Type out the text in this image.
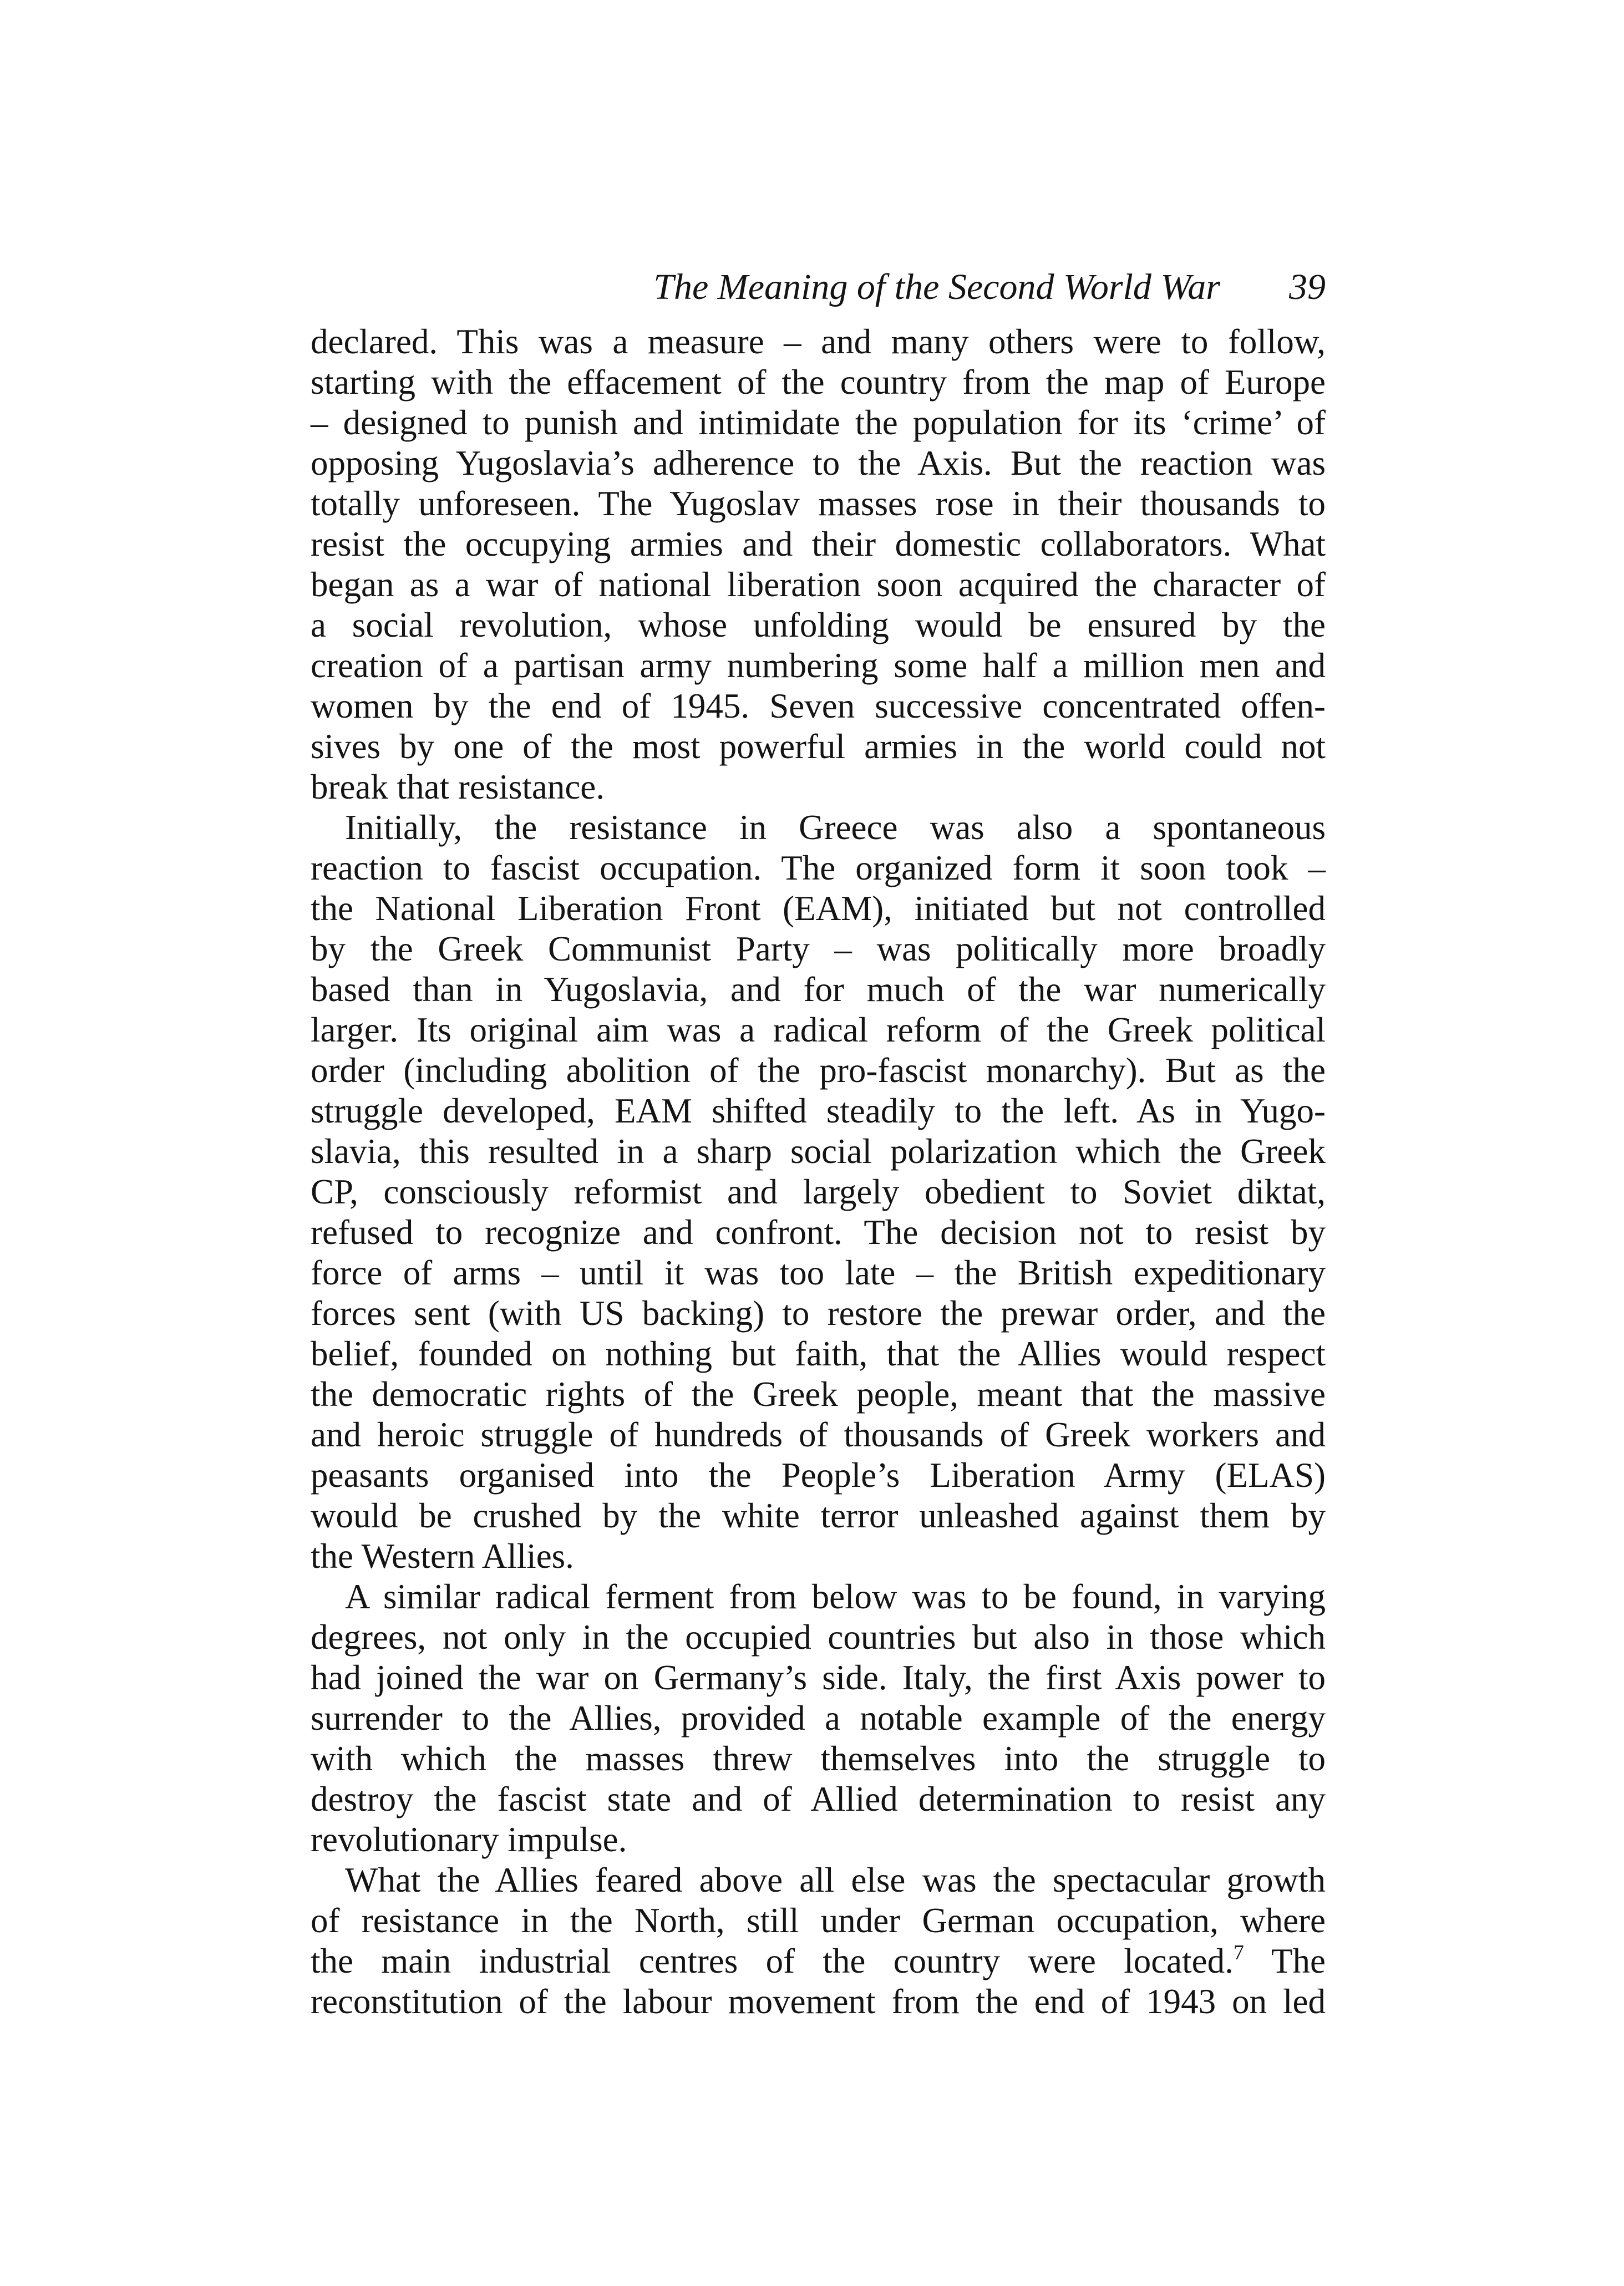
The Meaning of the Second World War 39
declared. This was a measure – and many others were to follow,
starting with the effacement of the country from the map of Europe
– designed to punish and intimidate the population for its ‘crime’ of
opposing Yugoslavia’s adherence to the Axis. But the reaction was
totally unforeseen. The Yugoslav masses rose in their thousands to
resist the occupying armies and their domestic collaborators. What
began as a war of national liberation soon acquired the character of
a social revolution, whose unfolding would be ensured by the
creation of a partisan army numbering some half a million men and
women by the end of 1945. Seven successive concentrated offen-
sives by one of the most powerful armies in the world could not
break that resistance.
Initially, the resistance in Greece was also a spontaneous
reaction to fascist occupation. The organized form it soon took –
the National Liberation Front (EAM), initiated but not controlled
by the Greek Communist Party – was politically more broadly
based than in Yugoslavia, and for much of the war numerically
larger. Its original aim was a radical reform of the Greek political
order (including abolition of the pro-fascist monarchy). But as the
struggle developed, EAM shifted steadily to the left. As in Yugo-
slavia, this resulted in a sharp social polarization which the Greek
CP, consciously reformist and largely obedient to Soviet diktat,
refused to recognize and confront. The decision not to resist by
force of arms – until it was too late – the British expeditionary
forces sent (with US backing) to restore the prewar order, and the
belief, founded on nothing but faith, that the Allies would respect
the democratic rights of the Greek people, meant that the massive
and heroic struggle of hundreds of thousands of Greek workers and
peasants organised into the People’s Liberation Army (ELAS)
would be crushed by the white terror unleashed against them by
the Western Allies.
A similar radical ferment from below was to be found, in varying
degrees, not only in the occupied countries but also in those which
had joined the war on Germany’s side. Italy, the first Axis power to
surrender to the Allies, provided a notable example of the energy
with which the masses threw themselves into the struggle to
destroy the fascist state and of Allied determination to resist any
revolutionary impulse.
What the Allies feared above all else was the spectacular growth
of resistance in the North, still under German occupation, where
the main industrial centres of the country were located.$^7$ The
reconstitution of the labour movement from the end of 1943 on led
